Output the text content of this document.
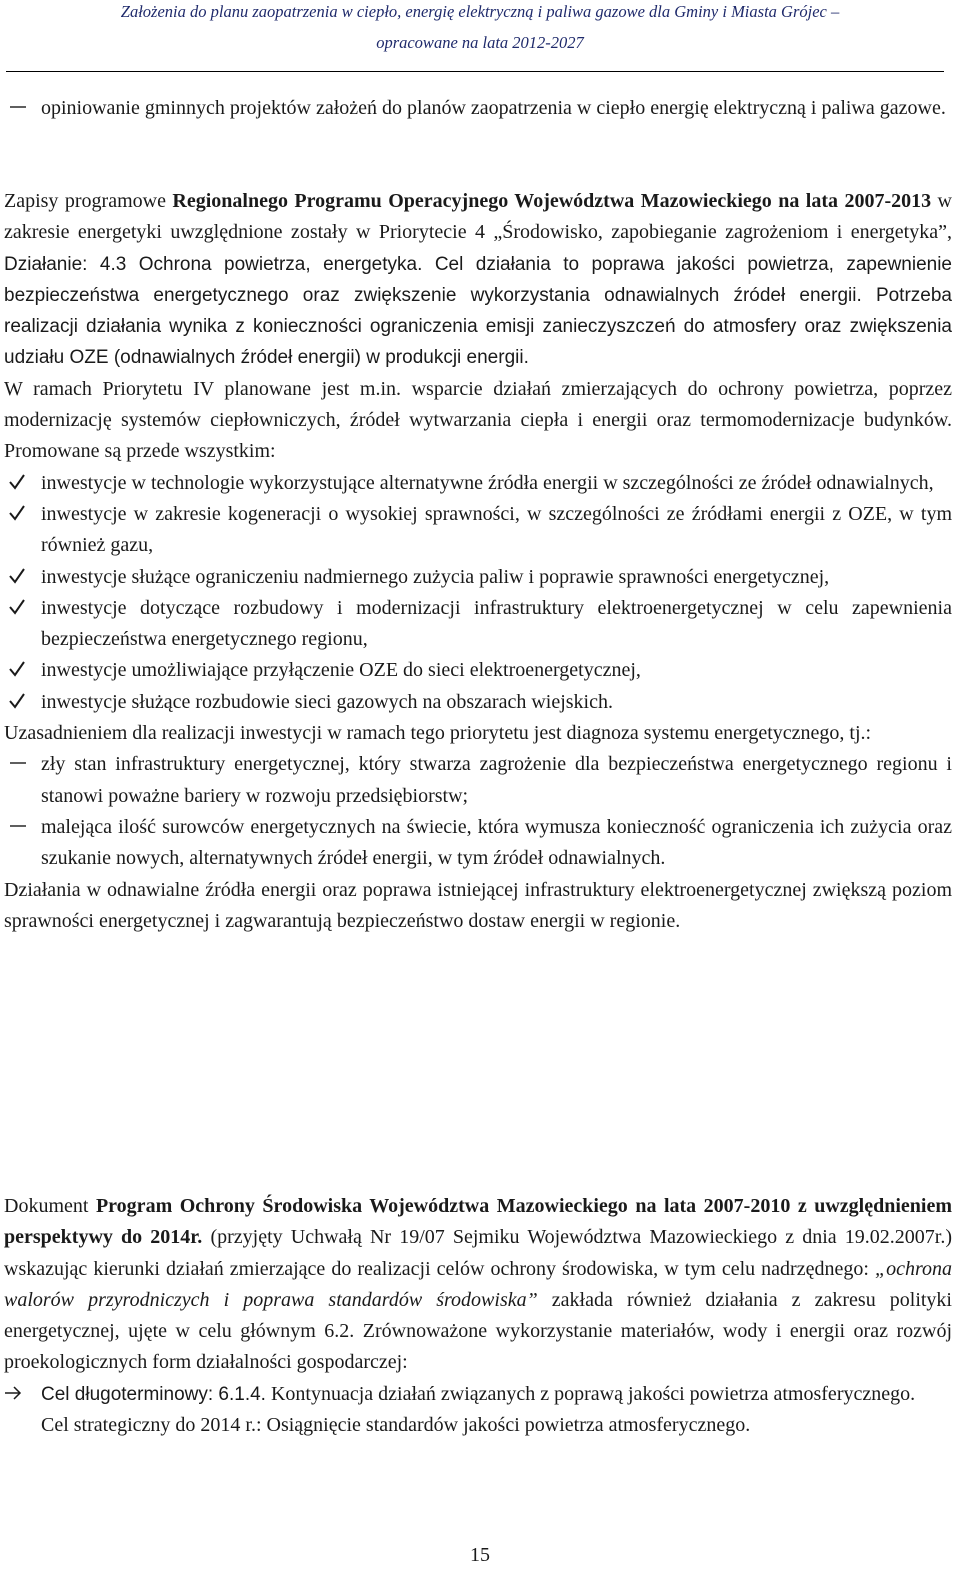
Założenia do planu zaopatrzenia w ciepło, energię elektryczną i paliwa gazowe dla Gminy i Miasta Grójec –
opracowane na lata 2012-2027
opiniowanie gminnych projektów założeń do planów zaopatrzenia w ciepło energię elektryczną i paliwa gazowe.

Zapisy programowe Regionalnego Programu Operacyjnego Województwa Mazowieckiego na lata 2007-2013 w zakresie energetyki uwzględnione zostały w Priorytecie 4 „Środowisko, zapobieganie zagrożeniom i energetyka”, Działanie: 4.3 Ochrona powietrza, energetyka. Cel działania to poprawa jakości powietrza, zapewnienie bezpieczeństwa energetycznego oraz zwiększenie wykorzystania odnawialnych źródeł energii. Potrzeba realizacji działania wynika z konieczności ograniczenia emisji zanieczyszczeń do atmosfery oraz zwiększenia udziału OZE (odnawialnych źródeł energii) w produkcji energii.

W ramach Priorytetu IV planowane jest m.in. wsparcie działań zmierzających do ochrony powietrza, poprzez modernizację systemów ciepłowniczych, źródeł wytwarzania ciepła i energii oraz termomodernizacje budynków. Promowane są przede wszystkim:

inwestycje w technologie wykorzystujące alternatywne źródła energii w szczególności ze źródeł odnawialnych,
inwestycje w zakresie kogeneracji o wysokiej sprawności, w szczególności ze źródłami energii z OZE, w tym również gazu,
inwestycje służące ograniczeniu nadmiernego zużycia paliw i poprawie sprawności energetycznej,
inwestycje dotyczące rozbudowy i modernizacji infrastruktury elektroenergetycznej w celu zapewnienia bezpieczeństwa energetycznego regionu,
inwestycje umożliwiające przyłączenie OZE do sieci elektroenergetycznej,
inwestycje służące rozbudowie sieci gazowych na obszarach wiejskich.

Uzasadnieniem dla realizacji inwestycji w ramach tego priorytetu jest diagnoza systemu energetycznego, tj.:

zły stan infrastruktury energetycznej, który stwarza zagrożenie dla bezpieczeństwa energetycznego regionu i stanowi poważne bariery w rozwoju przedsiębiorstw;
malejąca ilość surowców energetycznych na świecie, która wymusza konieczność ograniczenia ich zużycia oraz szukanie nowych, alternatywnych źródeł energii, w tym źródeł odnawialnych.

Działania w odnawialne źródła energii oraz poprawa istniejącej infrastruktury elektroenergetycznej zwiększą poziom sprawności energetycznej i zagwarantują bezpieczeństwo dostaw energii w regionie.

Dokument Program Ochrony Środowiska Województwa Mazowieckiego na lata 2007-2010 z uwzględnieniem perspektywy do 2014r. (przyjęty Uchwałą Nr 19/07 Sejmiku Województwa Mazowieckiego z dnia 19.02.2007r.) wskazując kierunki działań zmierzające do realizacji celów ochrony środowiska, w tym celu nadrzędnego: „ochrona walorów przyrodniczych i poprawa standardów środowiska” zakłada również działania z zakresu polityki energetycznej, ujęte w celu głównym 6.2. Zrównoważone wykorzystanie materiałów, wody i energii oraz rozwój proekologicznych form działalności gospodarczej:

Cel długoterminowy: 6.1.4. Kontynuacja działań związanych z poprawą jakości powietrza atmosferycznego.
Cel strategiczny do 2014 r.: Osiągnięcie standardów jakości powietrza atmosferycznego.
15
